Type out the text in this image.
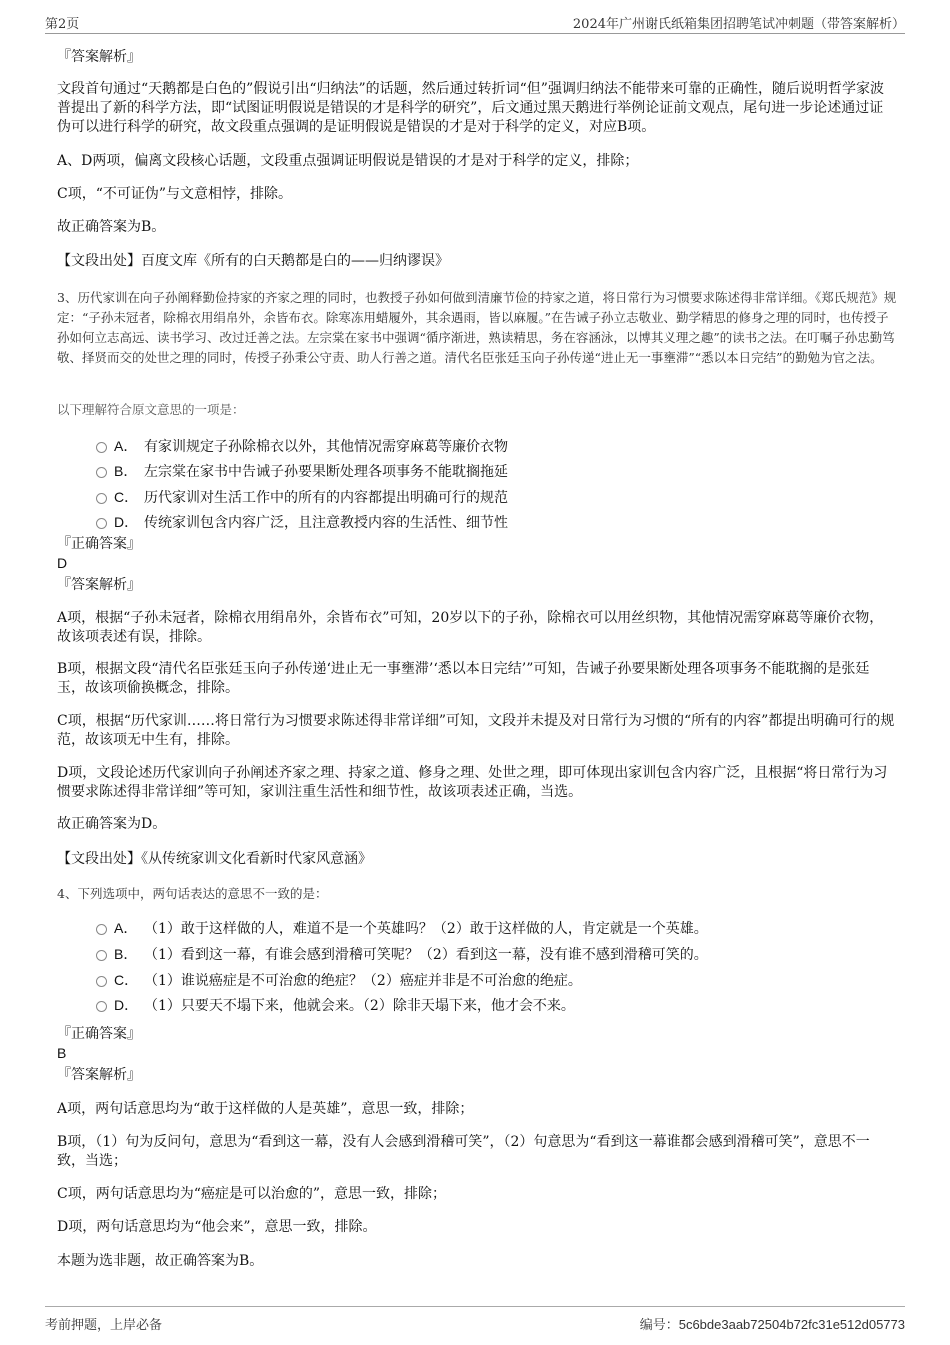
第2页	2024年广州谢氏纸箱集团招聘笔试冲刺题（带答案解析）
『答案解析』
文段首句通过“天鹅都是白色的”假说引出“归纳法”的话题，然后通过转折词“但”强调归纳法不能带来可靠的正确性，随后说明哲学家波普提出了新的科学方法，即“试图证明假说是错误的才是科学的研究”，后文通过黑天鹅进行举例论证前文观点，尾句进一步论述通过证伪可以进行科学的研究，故文段重点强调的是证明假说是错误的才是对于科学的定义，对应B项。
A、D两项，偏离文段核心话题，文段重点强调证明假说是错误的才是对于科学的定义，排除；
C项，“不可证伪”与文意相悖，排除。
故正确答案为B。
【文段出处】百度文库《所有的白天鹅都是白的——归纳谬误》
3、历代家训在向子孙阐释勤俭持家的齐家之理的同时，也教授子孙如何做到清廉节俭的持家之道，将日常行为习惯要求陈述得非常详细。《郑氏规范》规定：“子孙未冠者，除棉衣用绢帛外，余皆布衣。除寒冻用蜡履外，其余遇雨，皆以麻履。”在告诫子孙立志敬业、勤学精思的修身之理的同时，也传授子孙如何立志高远、读书学习、改过迁善之法。左宗棠在家书中强调“循序渐进，熟读精思，务在容涵泳，以博其义理之趣”的读书之法。在叮嘱子孙忠勤笃敬、择贤而交的处世之理的同时，传授子孙秉公守责、助人行善之道。清代名臣张廷玉向子孙传递“进止无一事壅滞”“悉以本日完结”的勤勉为官之法。
以下理解符合原文意思的一项是：
A． 有家训规定子孙除棉衣以外，其他情况需穿麻葛等廉价衣物
B． 左宗棠在家书中告诫子孙要果断处理各项事务不能耽搁拖延
C． 历代家训对生活工作中的所有的内容都提出明确可行的规范
D． 传统家训包含内容广泛，且注意教授内容的生活性、细节性
『正确答案』
D
『答案解析』
A项，根据“子孙未冠者，除棉衣用绢帛外，余皆布衣”可知，20岁以下的子孙，除棉衣可以用丝织物，其他情况需穿麻葛等廉价衣物，故该项表述有误，排除。
B项，根据文段“清代名臣张廷玉向子孙传递‘进止无一事壅滞’‘悉以本日完结’”可知，告诫子孙要果断处理各项事务不能耽搁的是张廷玉，故该项偷换概念，排除。
C项，根据“历代家训……将日常行为习惯要求陈述得非常详细”可知，文段并未提及对日常行为习惯的“所有的内容”都提出明确可行的规范，故该项无中生有，排除。
D项，文段论述历代家训向子孙阐述齐家之理、持家之道、修身之理、处世之理，即可体现出家训包含内容广泛，且根据“将日常行为习惯要求陈述得非常详细”等可知，家训注重生活性和细节性，故该项表述正确，当选。
故正确答案为D。
【文段出处】《从传统家训文化看新时代家风意涵》
4、下列选项中，两句话表达的意思不一致的是：
A． （1）敢于这样做的人，难道不是一个英雄吗？（2）敢于这样做的人，肯定就是一个英雄。
B． （1）看到这一幕，有谁会感到滑稽可笑呢？（2）看到这一幕，没有谁不感到滑稽可笑的。
C． （1）谁说癌症是不可治愈的绝症？（2）癌症并非是不可治愈的绝症。
D． （1）只要天不塌下来，他就会来。（2）除非天塌下来，他才会不来。
『正确答案』
B
『答案解析』
A项，两句话意思均为“敢于这样做的人是英雄”，意思一致，排除；
B项，（1）句为反问句，意思为“看到这一幕，没有人会感到滑稽可笑”，（2）句意思为“看到这一幕谁都会感到滑稽可笑”，意思不一致，当选；
C项，两句话意思均为“癌症是可以治愈的”，意思一致，排除；
D项，两句话意思均为“他会来”，意思一致，排除。
本题为选非题，故正确答案为B。
考前押题，上岸必备	编号：5c6bde3aab72504b72fc31e512d05773
